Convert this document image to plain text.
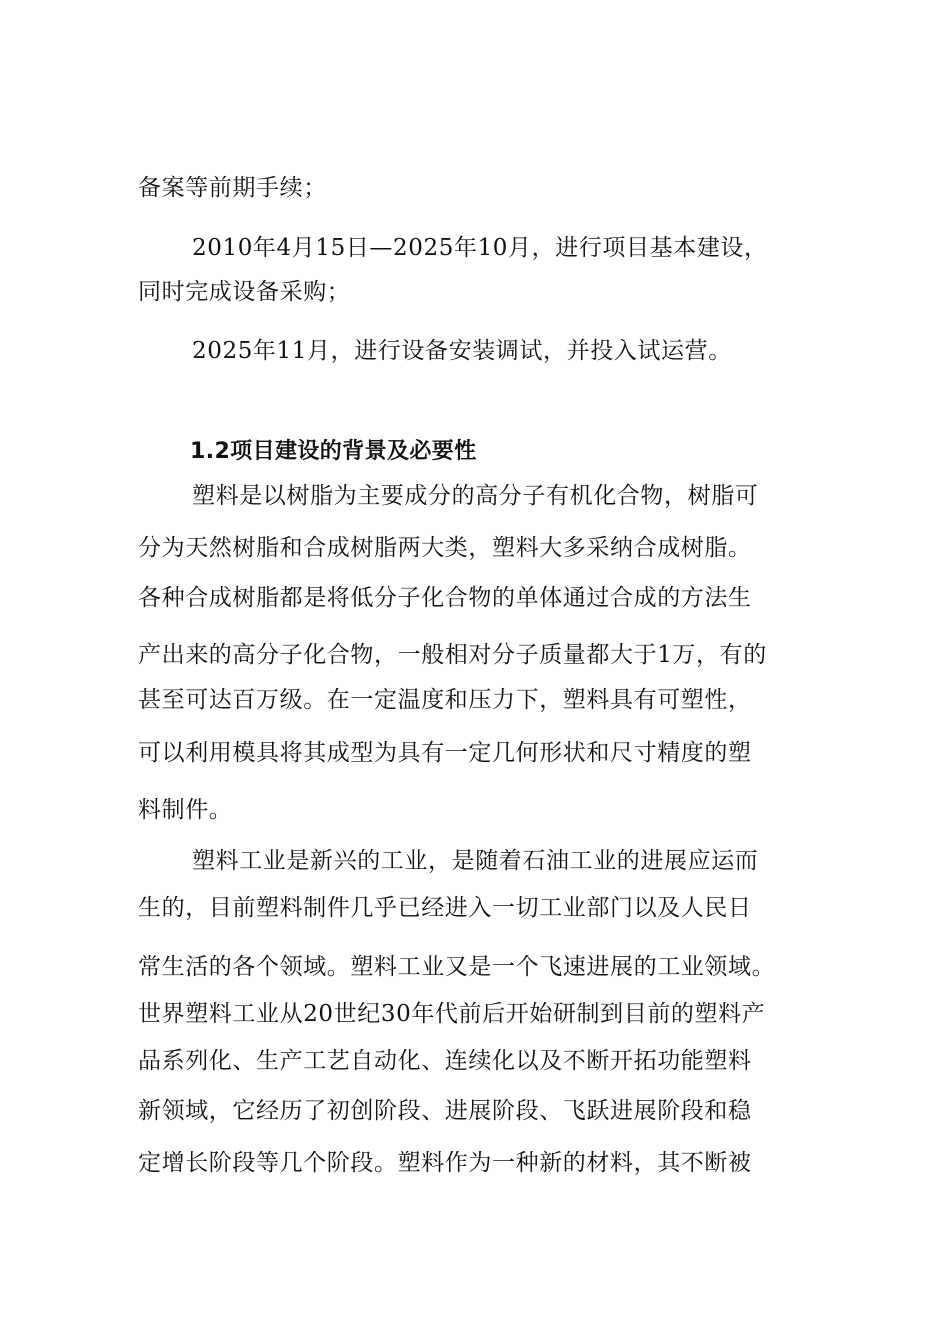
备案等前期手续；
2010年4月15日—2025年10月，进行项目基本建设，
同时完成设备采购；
2025年11月，进行设备安装调试，并投入试运营。
1.2项目建设的背景及必要性
塑料是以树脂为主要成分的高分子有机化合物，树脂可
分为天然树脂和合成树脂两大类，塑料大多采纳合成树脂。
各种合成树脂都是将低分子化合物的单体通过合成的方法生
产出来的高分子化合物，一般相对分子质量都大于1万，有的
甚至可达百万级。在一定温度和压力下，塑料具有可塑性，
可以利用模具将其成型为具有一定几何形状和尺寸精度的塑
料制件。
塑料工业是新兴的工业，是随着石油工业的进展应运而
生的，目前塑料制件几乎已经进入一切工业部门以及人民日
常生活的各个领域。塑料工业又是一个飞速进展的工业领域。
世界塑料工业从20世纪30年代前后开始研制到目前的塑料产
品系列化、生产工艺自动化、连续化以及不断开拓功能塑料
新领域，它经历了初创阶段、进展阶段、飞跃进展阶段和稳
定增长阶段等几个阶段。塑料作为一种新的材料，其不断被
